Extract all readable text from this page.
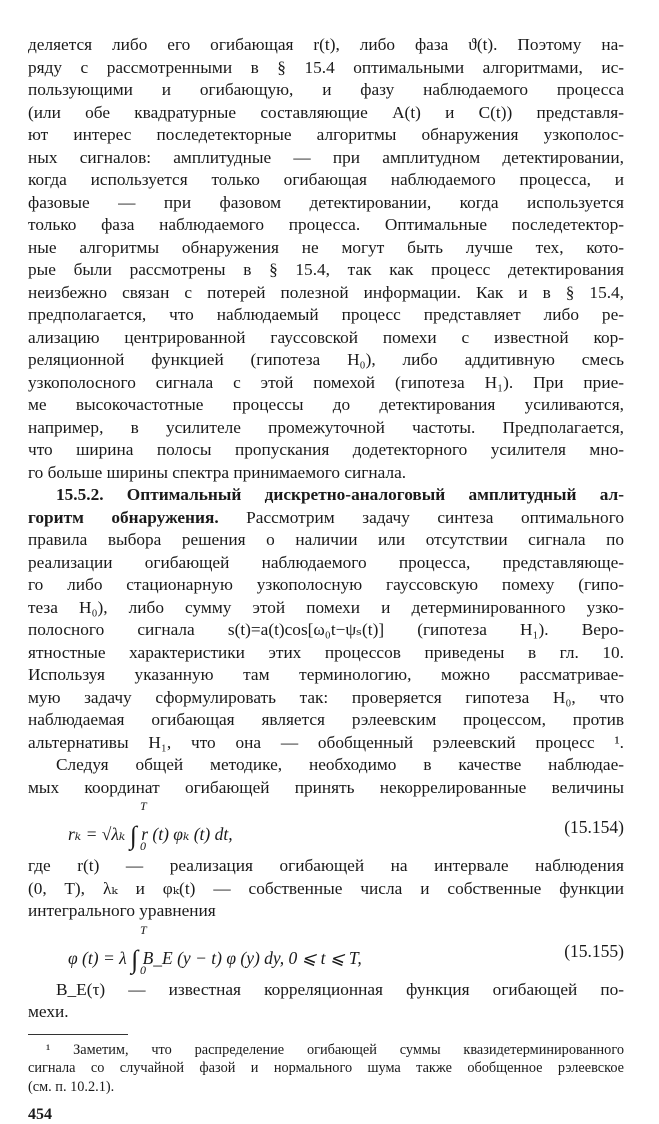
деляется либо его огибающая r(t), либо фаза ϑ(t). Поэтому на-
ряду с рассмотренными в § 15.4 оптимальными алгоритмами, ис-
пользующими и огибающую, и фазу наблюдаемого процесса
(или обе квадратурные составляющие A(t) и C(t)) представля-
ют интерес последетекторные алгоритмы обнаружения узкополос-
ных сигналов: амплитудные — при амплитудном детектировании,
когда используется только огибающая наблюдаемого процесса, и
фазовые — при фазовом детектировании, когда используется
только фаза наблюдаемого процесса. Оптимальные последетектор-
ные алгоритмы обнаружения не могут быть лучше тех, кото-
рые были рассмотрены в § 15.4, так как процесс детектирования
неизбежно связан с потерей полезной информации. Как и в § 15.4,
предполагается, что наблюдаемый процесс представляет либо ре-
ализацию центрированной гауссовской помехи с известной кор-
реляционной функцией (гипотеза H₀), либо аддитивную смесь
узкополосного сигнала с этой помехой (гипотеза H₁). При прие-
ме высокочастотные процессы до детектирования усиливаются,
например, в усилителе промежуточной частоты. Предполагается,
что ширина полосы пропускания додетекторного усилителя мно-
го больше ширины спектра принимаемого сигнала.
15.5.2. Оптимальный дискретно-аналоговый амплитудный ал-
горитм обнаружения. Рассмотрим задачу синтеза оптимального
правила выбора решения о наличии или отсутствии сигнала по
реализации огибающей наблюдаемого процесса, представляюще-
го либо стационарную узкополосную гауссовскую помеху (гипо-
теза H₀), либо сумму этой помехи и детерминированного узко-
полосного сигнала s(t)=a(t)cos[ω₀t−ψₛ(t)] (гипотеза H₁). Веро-
ятностные характеристики этих процессов приведены в гл. 10.
Используя указанную там терминологию, можно рассматривае-
мую задачу сформулировать так: проверяется гипотеза H₀, что
наблюдаемая огибающая является рэлеевским процессом, против
альтернативы H₁, что она — обобщенный рэлеевский процесс ¹.
Следуя общей методике, необходимо в качестве наблюдае-
мых координат огибающей принять некоррелированные величины
T
0
rₖ = √λₖ ∫ r (t) φₖ (t) dt,	(15.154)
где r(t) — реализация огибающей на интервале наблюдения
(0, T), λₖ и φₖ(t) — собственные числа и собственные функции
интегрального уравнения
T
0
φ (t) = λ ∫ B_E (y − t) φ (y) dy, 0 ⩽ t ⩽ T,	(15.155)
B_E(τ) — известная корреляционная функция огибающей по-
мехи.
¹ Заметим, что распределение огибающей суммы квазидетерминированного
сигнала со случайной фазой и нормального шума также обобщенное рэлеевское
(см. п. 10.2.1).
454
